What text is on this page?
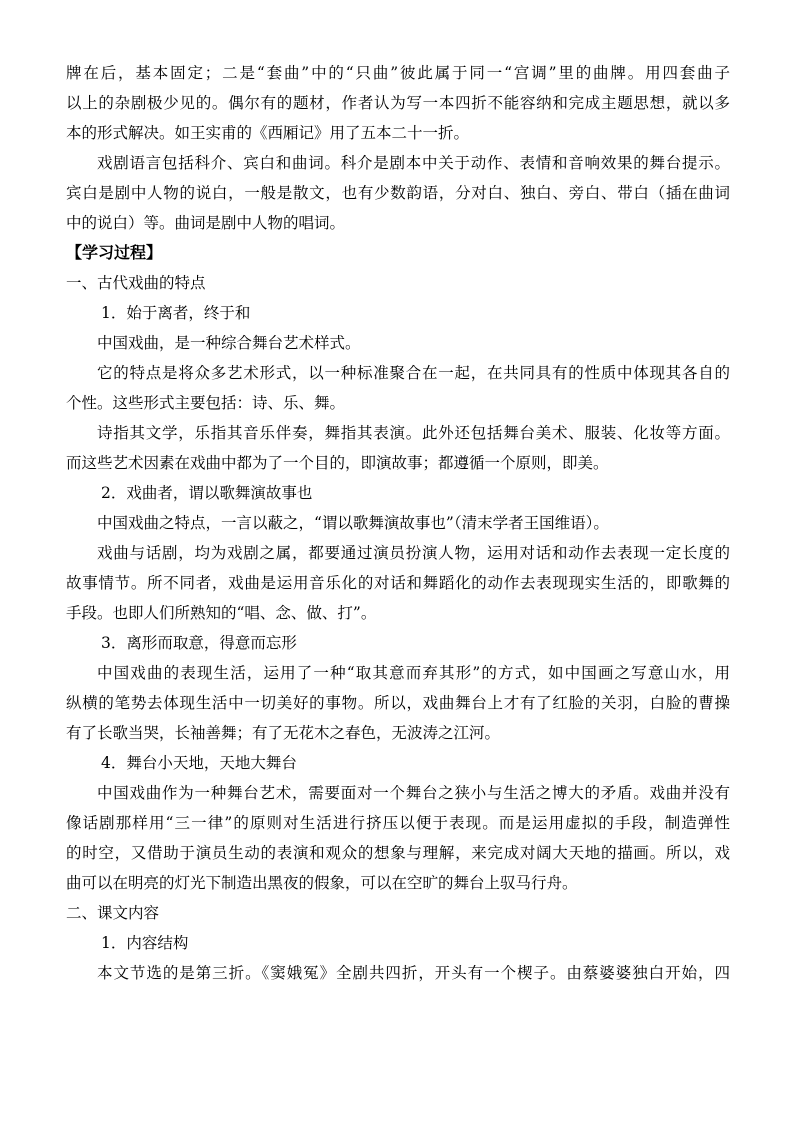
牌在后，基本固定；二是“套曲”中的“只曲”彼此属于同一“宫调”里的曲牌。用四套曲子
以上的杂剧极少见的。偶尔有的题材，作者认为写一本四折不能容纳和完成主题思想，就以多
本的形式解决。如王实甫的《西厢记》用了五本二十一折。
戏剧语言包括科介、宾白和曲词。科介是剧本中关于动作、表情和音响效果的舞台提示。
宾白是剧中人物的说白，一般是散文，也有少数韵语，分对白、独白、旁白、带白（插在曲词
中的说白）等。曲词是剧中人物的唱词。
【学习过程】
一、古代戏曲的特点
1．始于离者，终于和
中国戏曲，是一种综合舞台艺术样式。
它的特点是将众多艺术形式，以一种标准聚合在一起，在共同具有的性质中体现其各自的
个性。这些形式主要包括：诗、乐、舞。
诗指其文学，乐指其音乐伴奏，舞指其表演。此外还包括舞台美术、服装、化妆等方面。
而这些艺术因素在戏曲中都为了一个目的，即演故事；都遵循一个原则，即美。
2．戏曲者，谓以歌舞演故事也
中国戏曲之特点，一言以蔽之，“谓以歌舞演故事也”（清末学者王国维语）。
戏曲与话剧，均为戏剧之属，都要通过演员扮演人物，运用对话和动作去表现一定长度的
故事情节。所不同者，戏曲是运用音乐化的对话和舞蹈化的动作去表现现实生活的，即歌舞的
手段。也即人们所熟知的“唱、念、做、打”。
3．离形而取意，得意而忘形
中国戏曲的表现生活，运用了一种“取其意而弃其形”的方式，如中国画之写意山水，用
纵横的笔势去体现生活中一切美好的事物。所以，戏曲舞台上才有了红脸的关羽，白脸的曹操
有了长歌当哭，长袖善舞；有了无花木之春色，无波涛之江河。
4．舞台小天地，天地大舞台
中国戏曲作为一种舞台艺术，需要面对一个舞台之狭小与生活之博大的矛盾。戏曲并没有
像话剧那样用“三一律”的原则对生活进行挤压以便于表现。而是运用虚拟的手段，制造弹性
的时空，又借助于演员生动的表演和观众的想象与理解，来完成对阔大天地的描画。所以，戏
曲可以在明亮的灯光下制造出黑夜的假象，可以在空旷的舞台上驭马行舟。
二、课文内容
1．内容结构
本文节选的是第三折。《窦娥冤》全剧共四折，开头有一个楔子。由蔡婆婆独白开始，四
